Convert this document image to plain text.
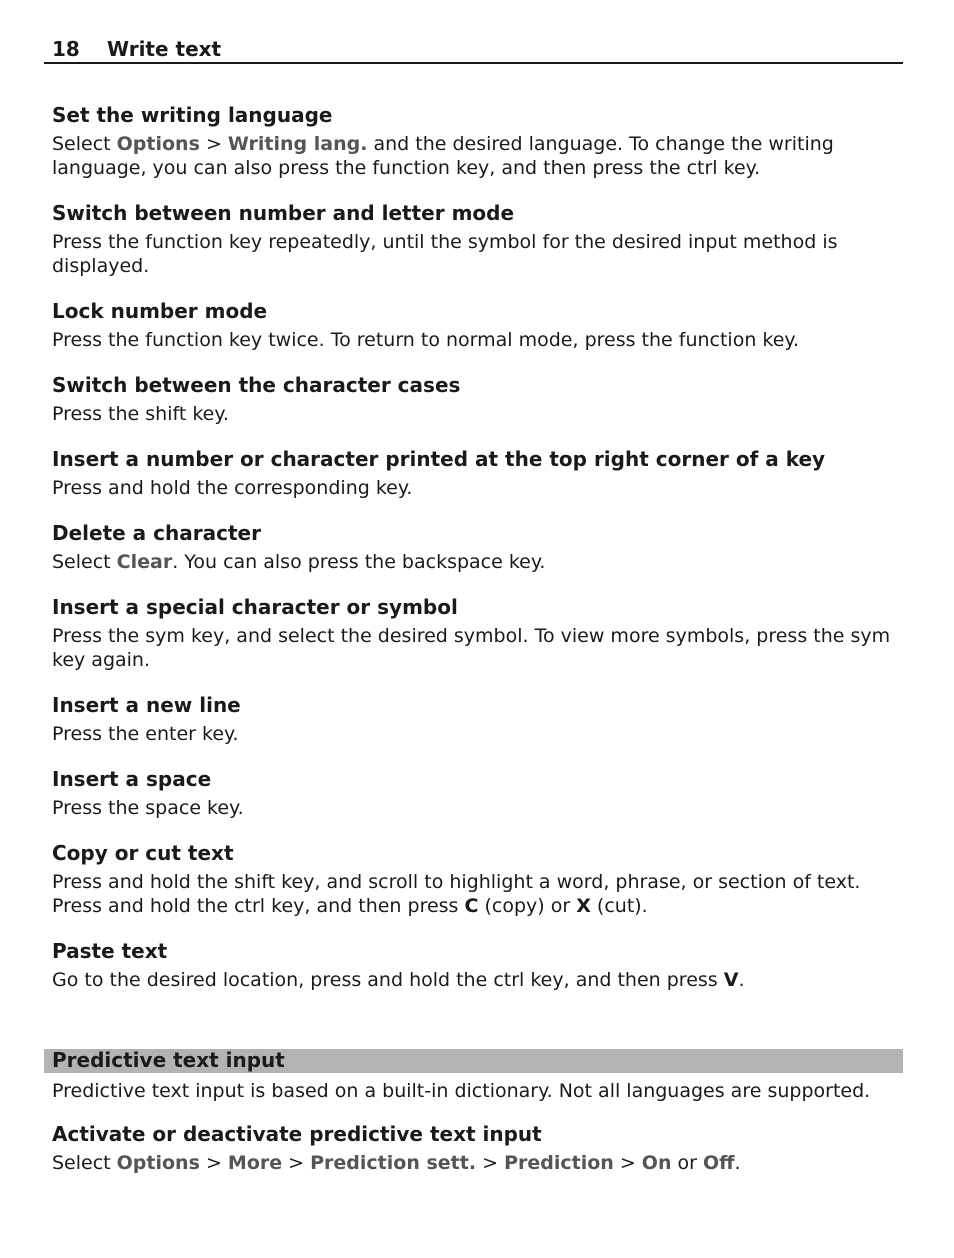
18 Write text

Set the writing language

Select Options > Writing lang. and the desired language. To change the writing
language, you can also press the function key, and then press the ctrl key.

Switch between number and letter mode

Press the function key repeatedly, until the symbol for the desired input method is
displayed.

Lock number mode

Press the function key twice. To return to normal mode, press the function key.

Switch between the character cases

Press the shift key.

Insert a number or character printed at the top right corner of a key

Press and hold the corresponding key.

Delete a character

Select Clear. You can also press the backspace key.

Insert a special character or symbol

Press the sym key, and select the desired symbol. To view more symbols, press the sym
key again.

Insert a new line

Press the enter key.

Insert a space

Press the space key.

Copy or cut text

Press and hold the shift key, and scroll to highlight a word, phrase, or section of text.
Press and hold the ctrl key, and then press C (copy) or X (cut).

Paste text

Go to the desired location, press and hold the ctrl key, and then press V.

Predictive text input

Predictive text input is based on a built-in dictionary. Not all languages are supported.

Activate or deactivate predictive text input

Select Options > More > Prediction sett. > Prediction > On or Off.
